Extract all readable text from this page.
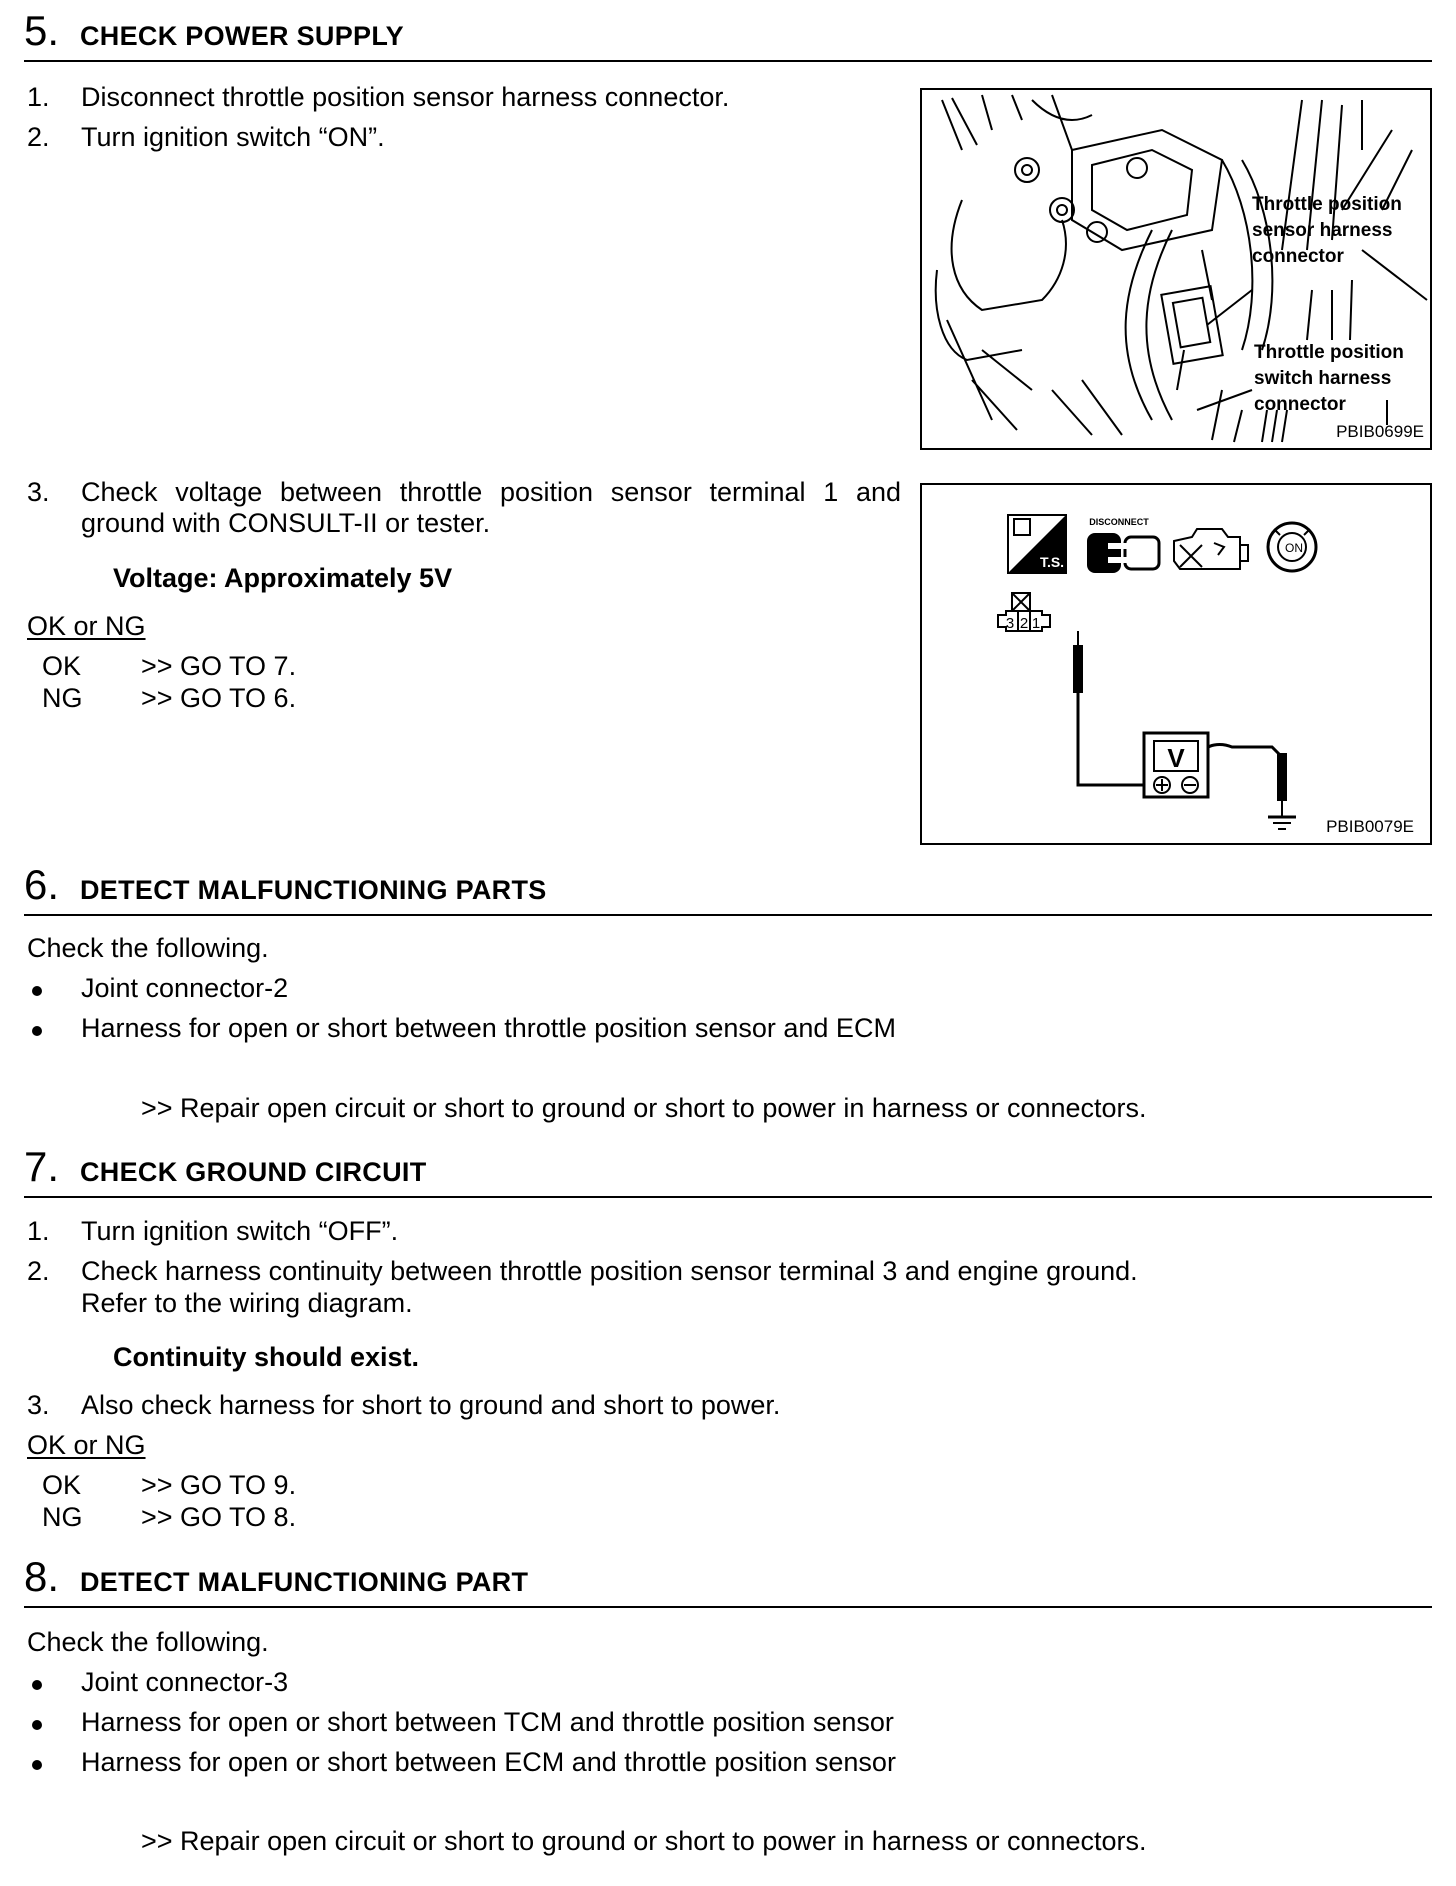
5. CHECK POWER SUPPLY
1. Disconnect throttle position sensor harness connector.
2. Turn ignition switch “ON”.
Throttle position
sensor harness
connector
Throttle position
switch harness
connector
PBIB0699E
3. Check voltage between throttle position sensor terminal 1 and ground with CONSULT-II or tester.
Voltage: Approximately 5V
OK or NG
OK >> GO TO 7.
NG >> GO TO 6.
T.S.
DISCONNECT
ON
3 2 1
V
PBIB0079E
6. DETECT MALFUNCTIONING PARTS
Check the following.
Joint connector-2
Harness for open or short between throttle position sensor and ECM
>> Repair open circuit or short to ground or short to power in harness or connectors.
7. CHECK GROUND CIRCUIT
1. Turn ignition switch “OFF”.
2. Check harness continuity between throttle position sensor terminal 3 and engine ground.
Refer to the wiring diagram.
Continuity should exist.
3. Also check harness for short to ground and short to power.
OK or NG
OK >> GO TO 9.
NG >> GO TO 8.
8. DETECT MALFUNCTIONING PART
Check the following.
Joint connector-3
Harness for open or short between TCM and throttle position sensor
Harness for open or short between ECM and throttle position sensor
>> Repair open circuit or short to ground or short to power in harness or connectors.
